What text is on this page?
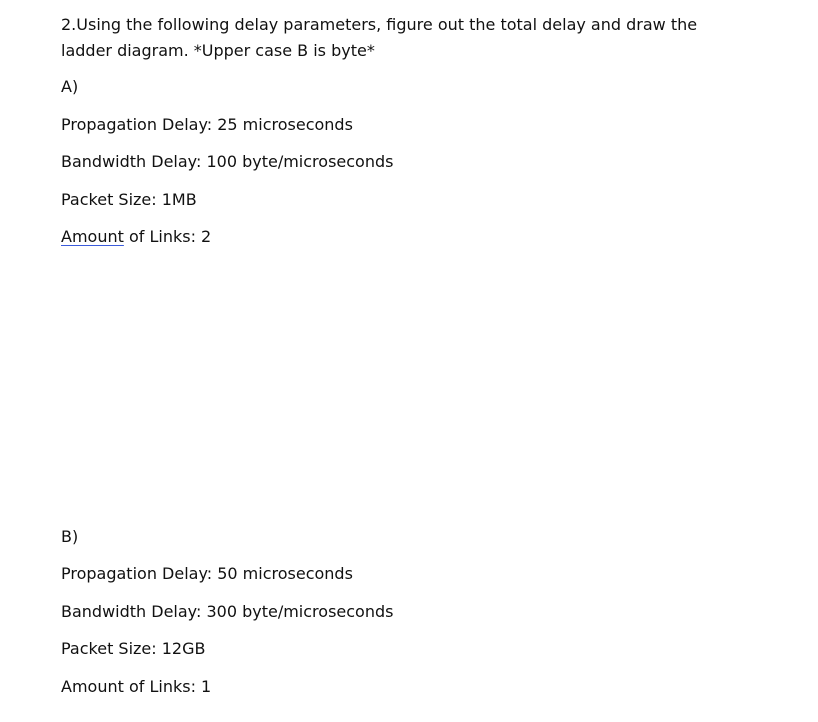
2.Using the following delay parameters, figure out the total delay and draw the ladder diagram. *Upper case B is byte*
A)
Propagation Delay: 25 microseconds
Bandwidth Delay: 100 byte/microseconds
Packet Size: 1MB
Amount of Links: 2
B)
Propagation Delay: 50 microseconds
Bandwidth Delay: 300 byte/microseconds
Packet Size: 12GB
Amount of Links: 1
